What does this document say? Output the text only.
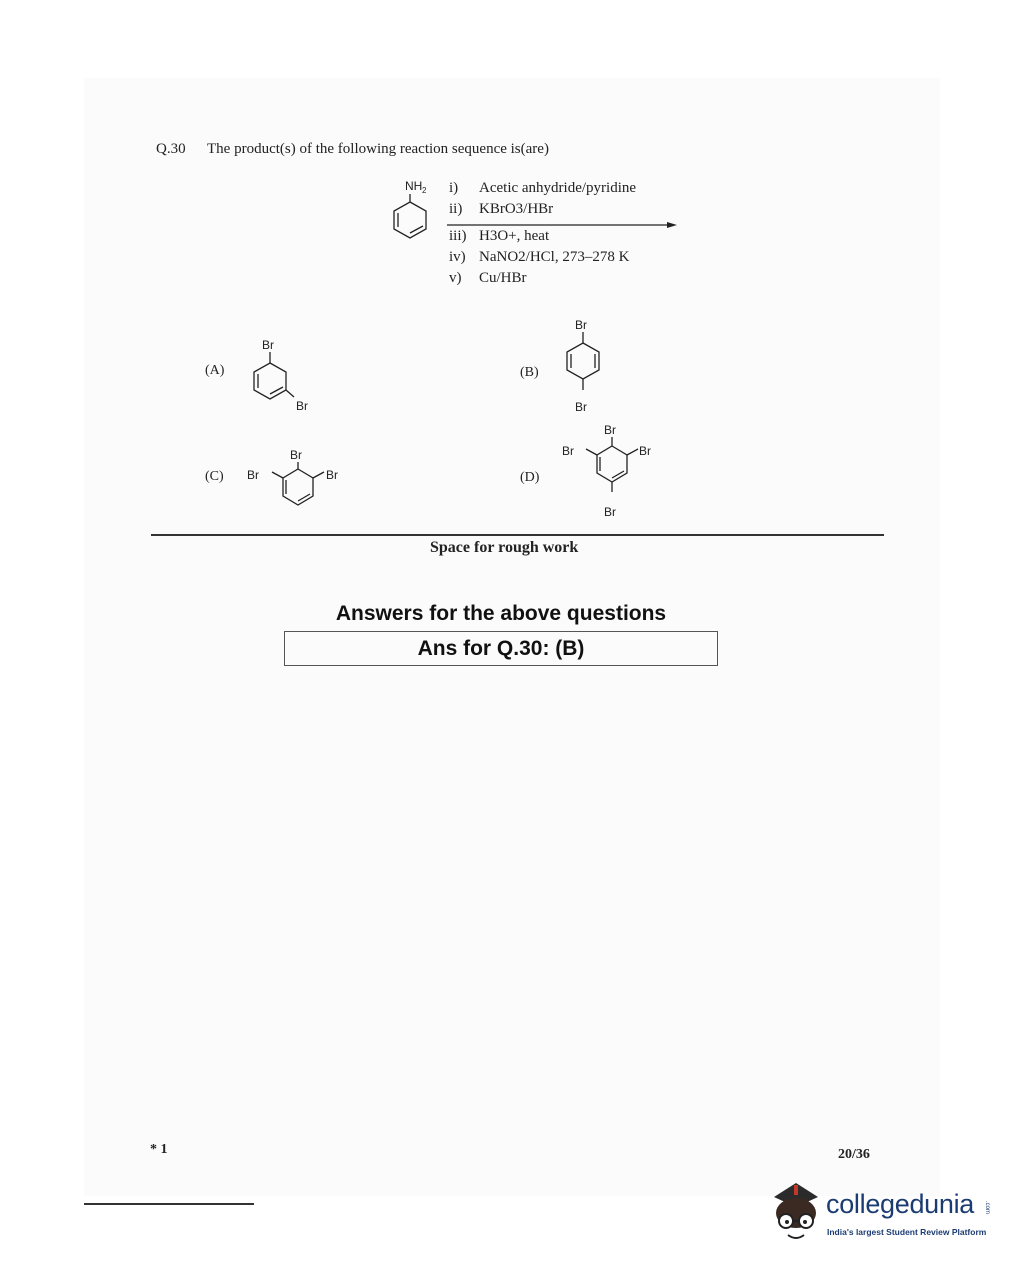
Q.30 The product(s) of the following reaction sequence is(are)
NH 2 i)	Acetic anhydride/pyridine
ii)	KBrO3/HBr
iii) H3O+, heat
iv) NaNO2/HCl, 273–278 K
v)	Cu/HBr
(A)
Br
Br
(B)
Br
Br
(C)
Br
Br	Br	(D)
Br
Br	Br
Br
Space for rough work
Answers for the above questions
Ans for Q.30: (B)
* 1	20/36
collegedunia .com
India's largest Student Review Platform
